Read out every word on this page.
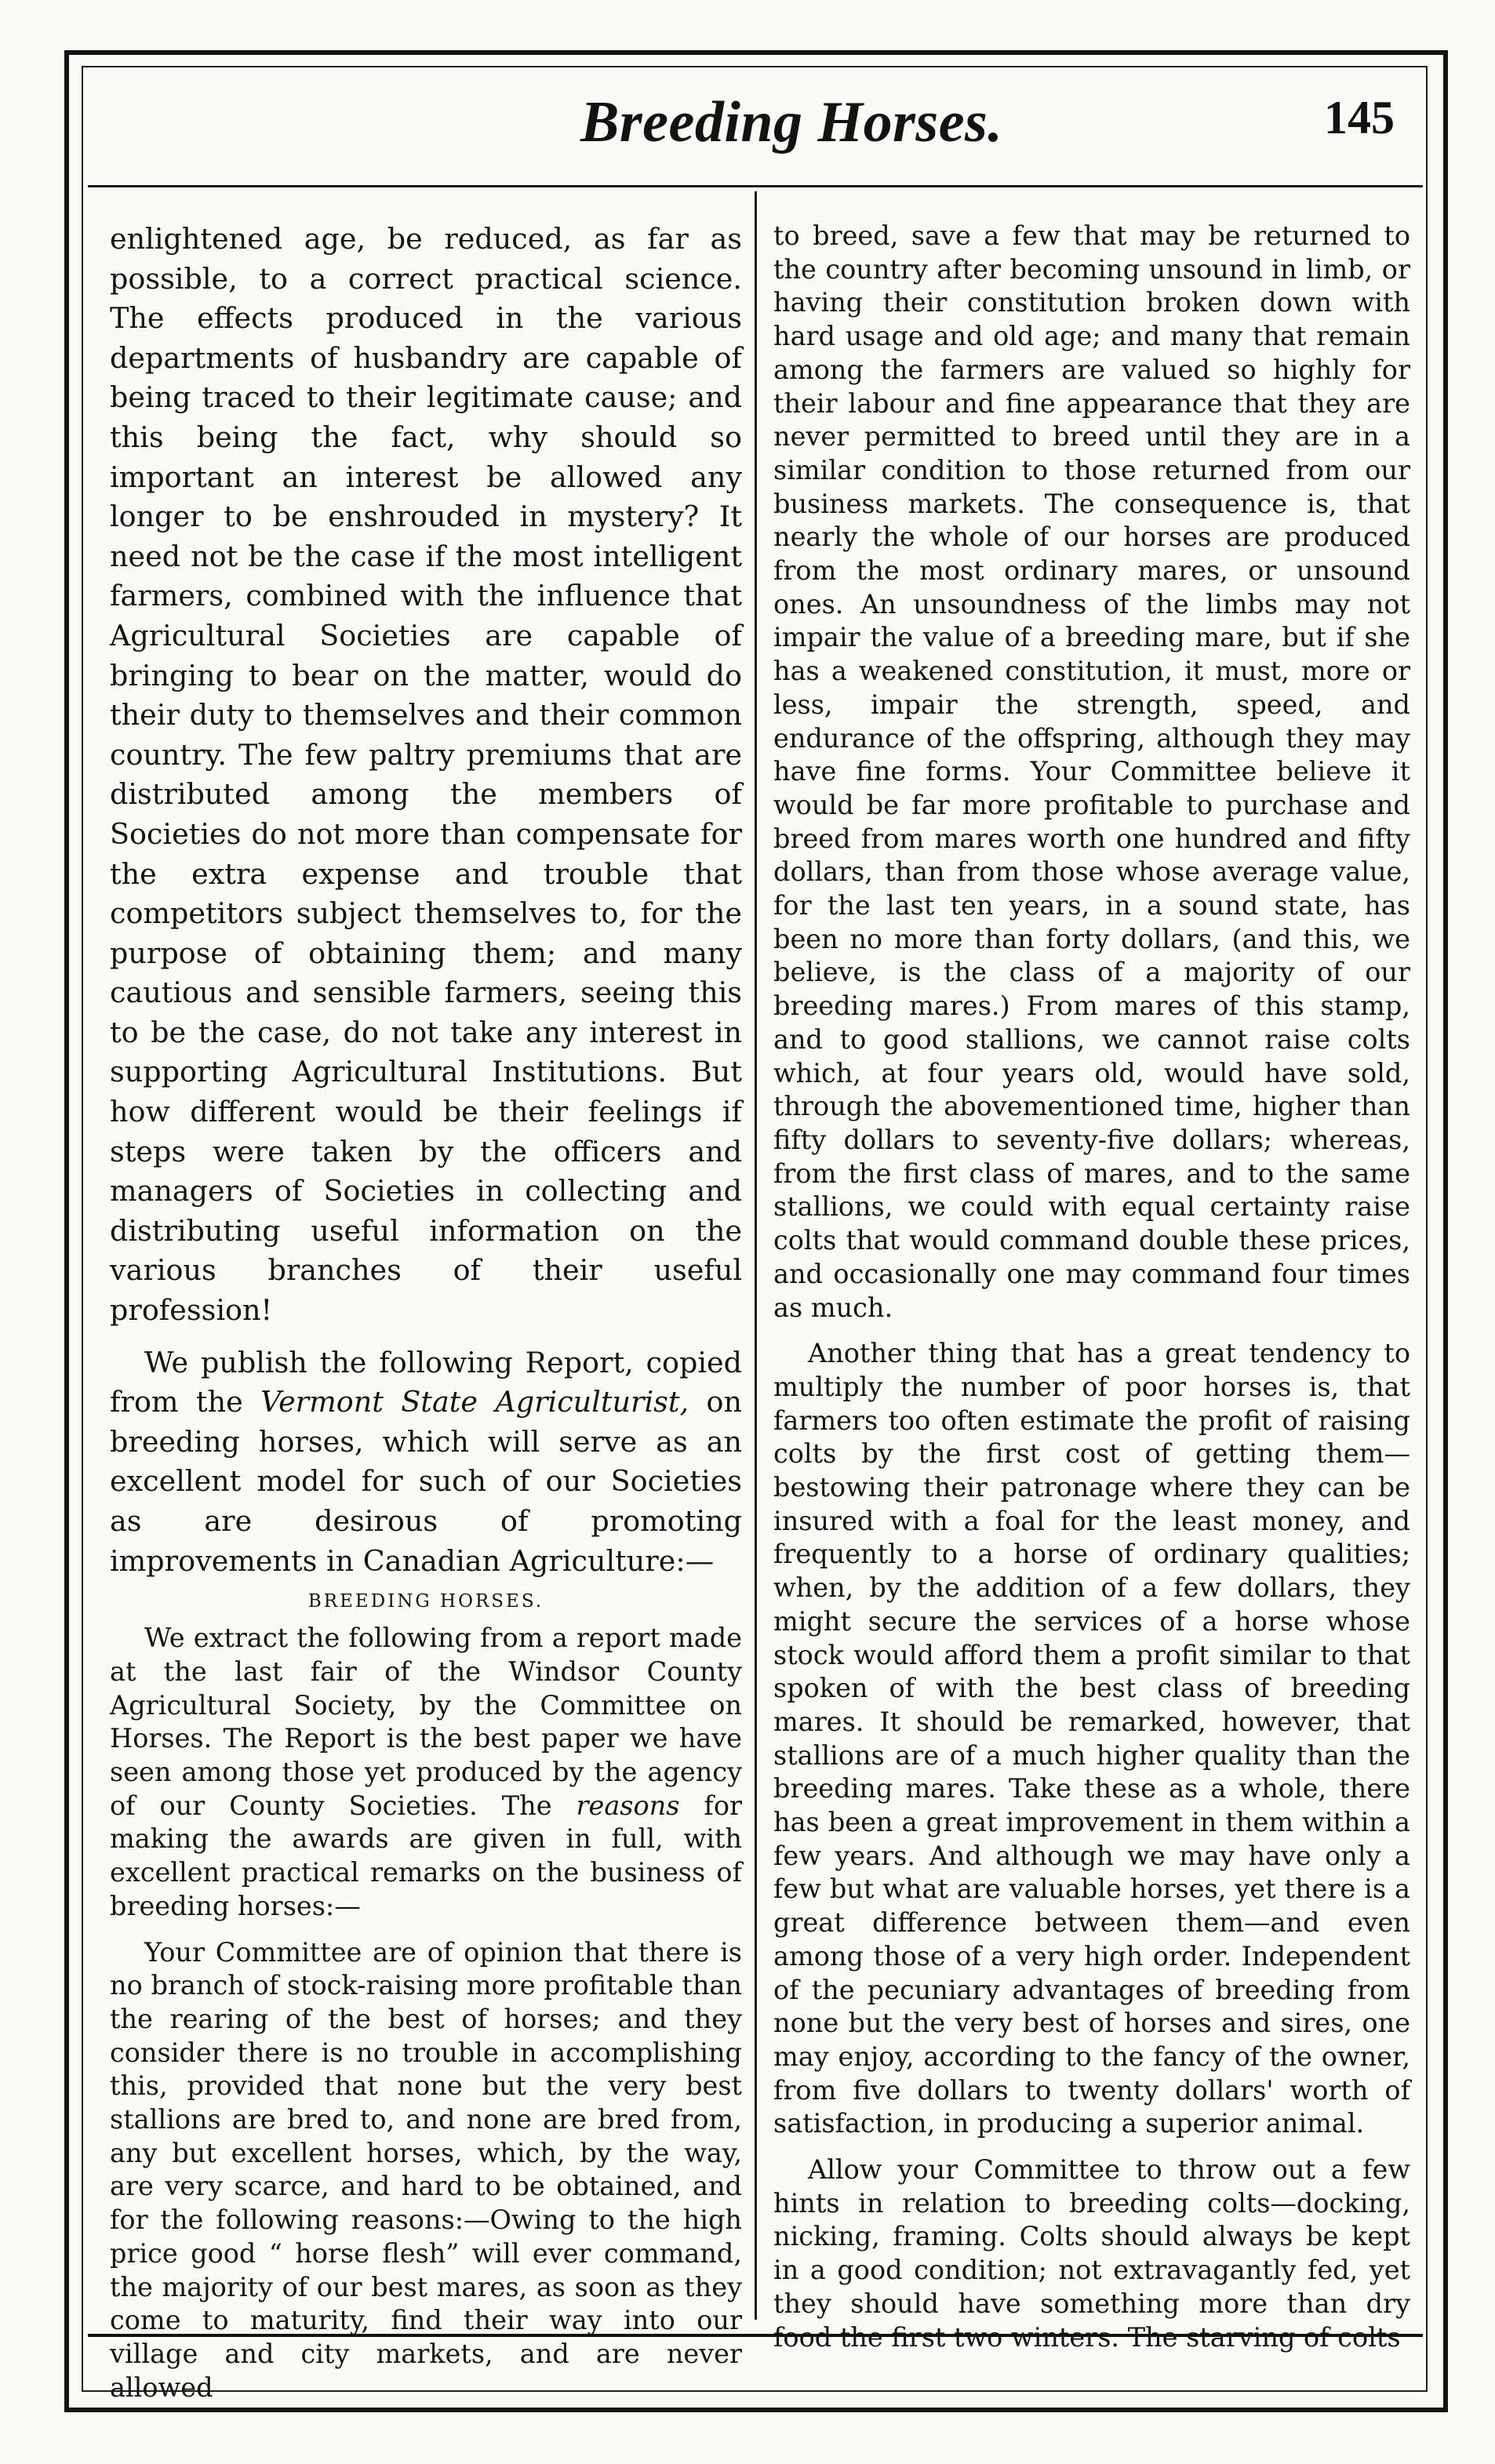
Breeding Horses.	145

enlightened age, be reduced, as far as possible, to a correct practical science. The effects produced in the various departments of husbandry are capable of being traced to their legitimate cause; and this being the fact, why should so important an interest be allowed any longer to be enshrouded in mystery? It need not be the case if the most intelligent farmers, combined with the influence that Agricultural Societies are capable of bringing to bear on the matter, would do their duty to themselves and their common country. The few paltry premiums that are distributed among the members of Societies do not more than compensate for the extra expense and trouble that competitors subject themselves to, for the purpose of obtaining them; and many cautious and sensible farmers, seeing this to be the case, do not take any interest in supporting Agricultural Institutions. But how different would be their feelings if steps were taken by the officers and managers of Societies in collecting and distributing useful information on the various branches of their useful profession!

We publish the following Report, copied from the Vermont State Agriculturist, on breeding horses, which will serve as an excellent model for such of our Societies as are desirous of promoting improvements in Canadian Agriculture:—

BREEDING HORSES.

We extract the following from a report made at the last fair of the Windsor County Agricultural Society, by the Committee on Horses. The Report is the best paper we have seen among those yet produced by the agency of our County Societies. The reasons for making the awards are given in full, with excellent practical remarks on the business of breeding horses:—

Your Committee are of opinion that there is no branch of stock-raising more profitable than the rearing of the best of horses; and they consider there is no trouble in accomplishing this, provided that none but the very best stallions are bred to, and none are bred from, any but excellent horses, which, by the way, are very scarce, and hard to be obtained, and for the following reasons:—Owing to the high price good “ horse flesh” will ever command, the majority of our best mares, as soon as they come to maturity, find their way into our village and city markets, and are never allowed

to breed, save a few that may be returned to the country after becoming unsound in limb, or having their constitution broken down with hard usage and old age; and many that remain among the farmers are valued so highly for their labour and fine appearance that they are never permitted to breed until they are in a similar condition to those returned from our business markets. The consequence is, that nearly the whole of our horses are produced from the most ordinary mares, or unsound ones. An unsoundness of the limbs may not impair the value of a breeding mare, but if she has a weakened constitution, it must, more or less, impair the strength, speed, and endurance of the offspring, although they may have fine forms. Your Committee believe it would be far more profitable to purchase and breed from mares worth one hundred and fifty dollars, than from those whose average value, for the last ten years, in a sound state, has been no more than forty dollars, (and this, we believe, is the class of a majority of our breeding mares.) From mares of this stamp, and to good stallions, we cannot raise colts which, at four years old, would have sold, through the abovementioned time, higher than fifty dollars to seventy-five dollars; whereas, from the first class of mares, and to the same stallions, we could with equal certainty raise colts that would command double these prices, and occasionally one may command four times as much.

Another thing that has a great tendency to multiply the number of poor horses is, that farmers too often estimate the profit of raising colts by the first cost of getting them—bestowing their patronage where they can be insured with a foal for the least money, and frequently to a horse of ordinary qualities; when, by the addition of a few dollars, they might secure the services of a horse whose stock would afford them a profit similar to that spoken of with the best class of breeding mares. It should be remarked, however, that stallions are of a much higher quality than the breeding mares. Take these as a whole, there has been a great improvement in them within a few years. And although we may have only a few but what are valuable horses, yet there is a great difference between them—and even among those of a very high order. Independent of the pecuniary advantages of breeding from none but the very best of horses and sires, one may enjoy, according to the fancy of the owner, from five dollars to twenty dollars' worth of satisfaction, in producing a superior animal.

Allow your Committee to throw out a few hints in relation to breeding colts—docking, nicking, framing. Colts should always be kept in a good condition; not extravagantly fed, yet they should have something more than dry food the first two winters. The starving of colts
